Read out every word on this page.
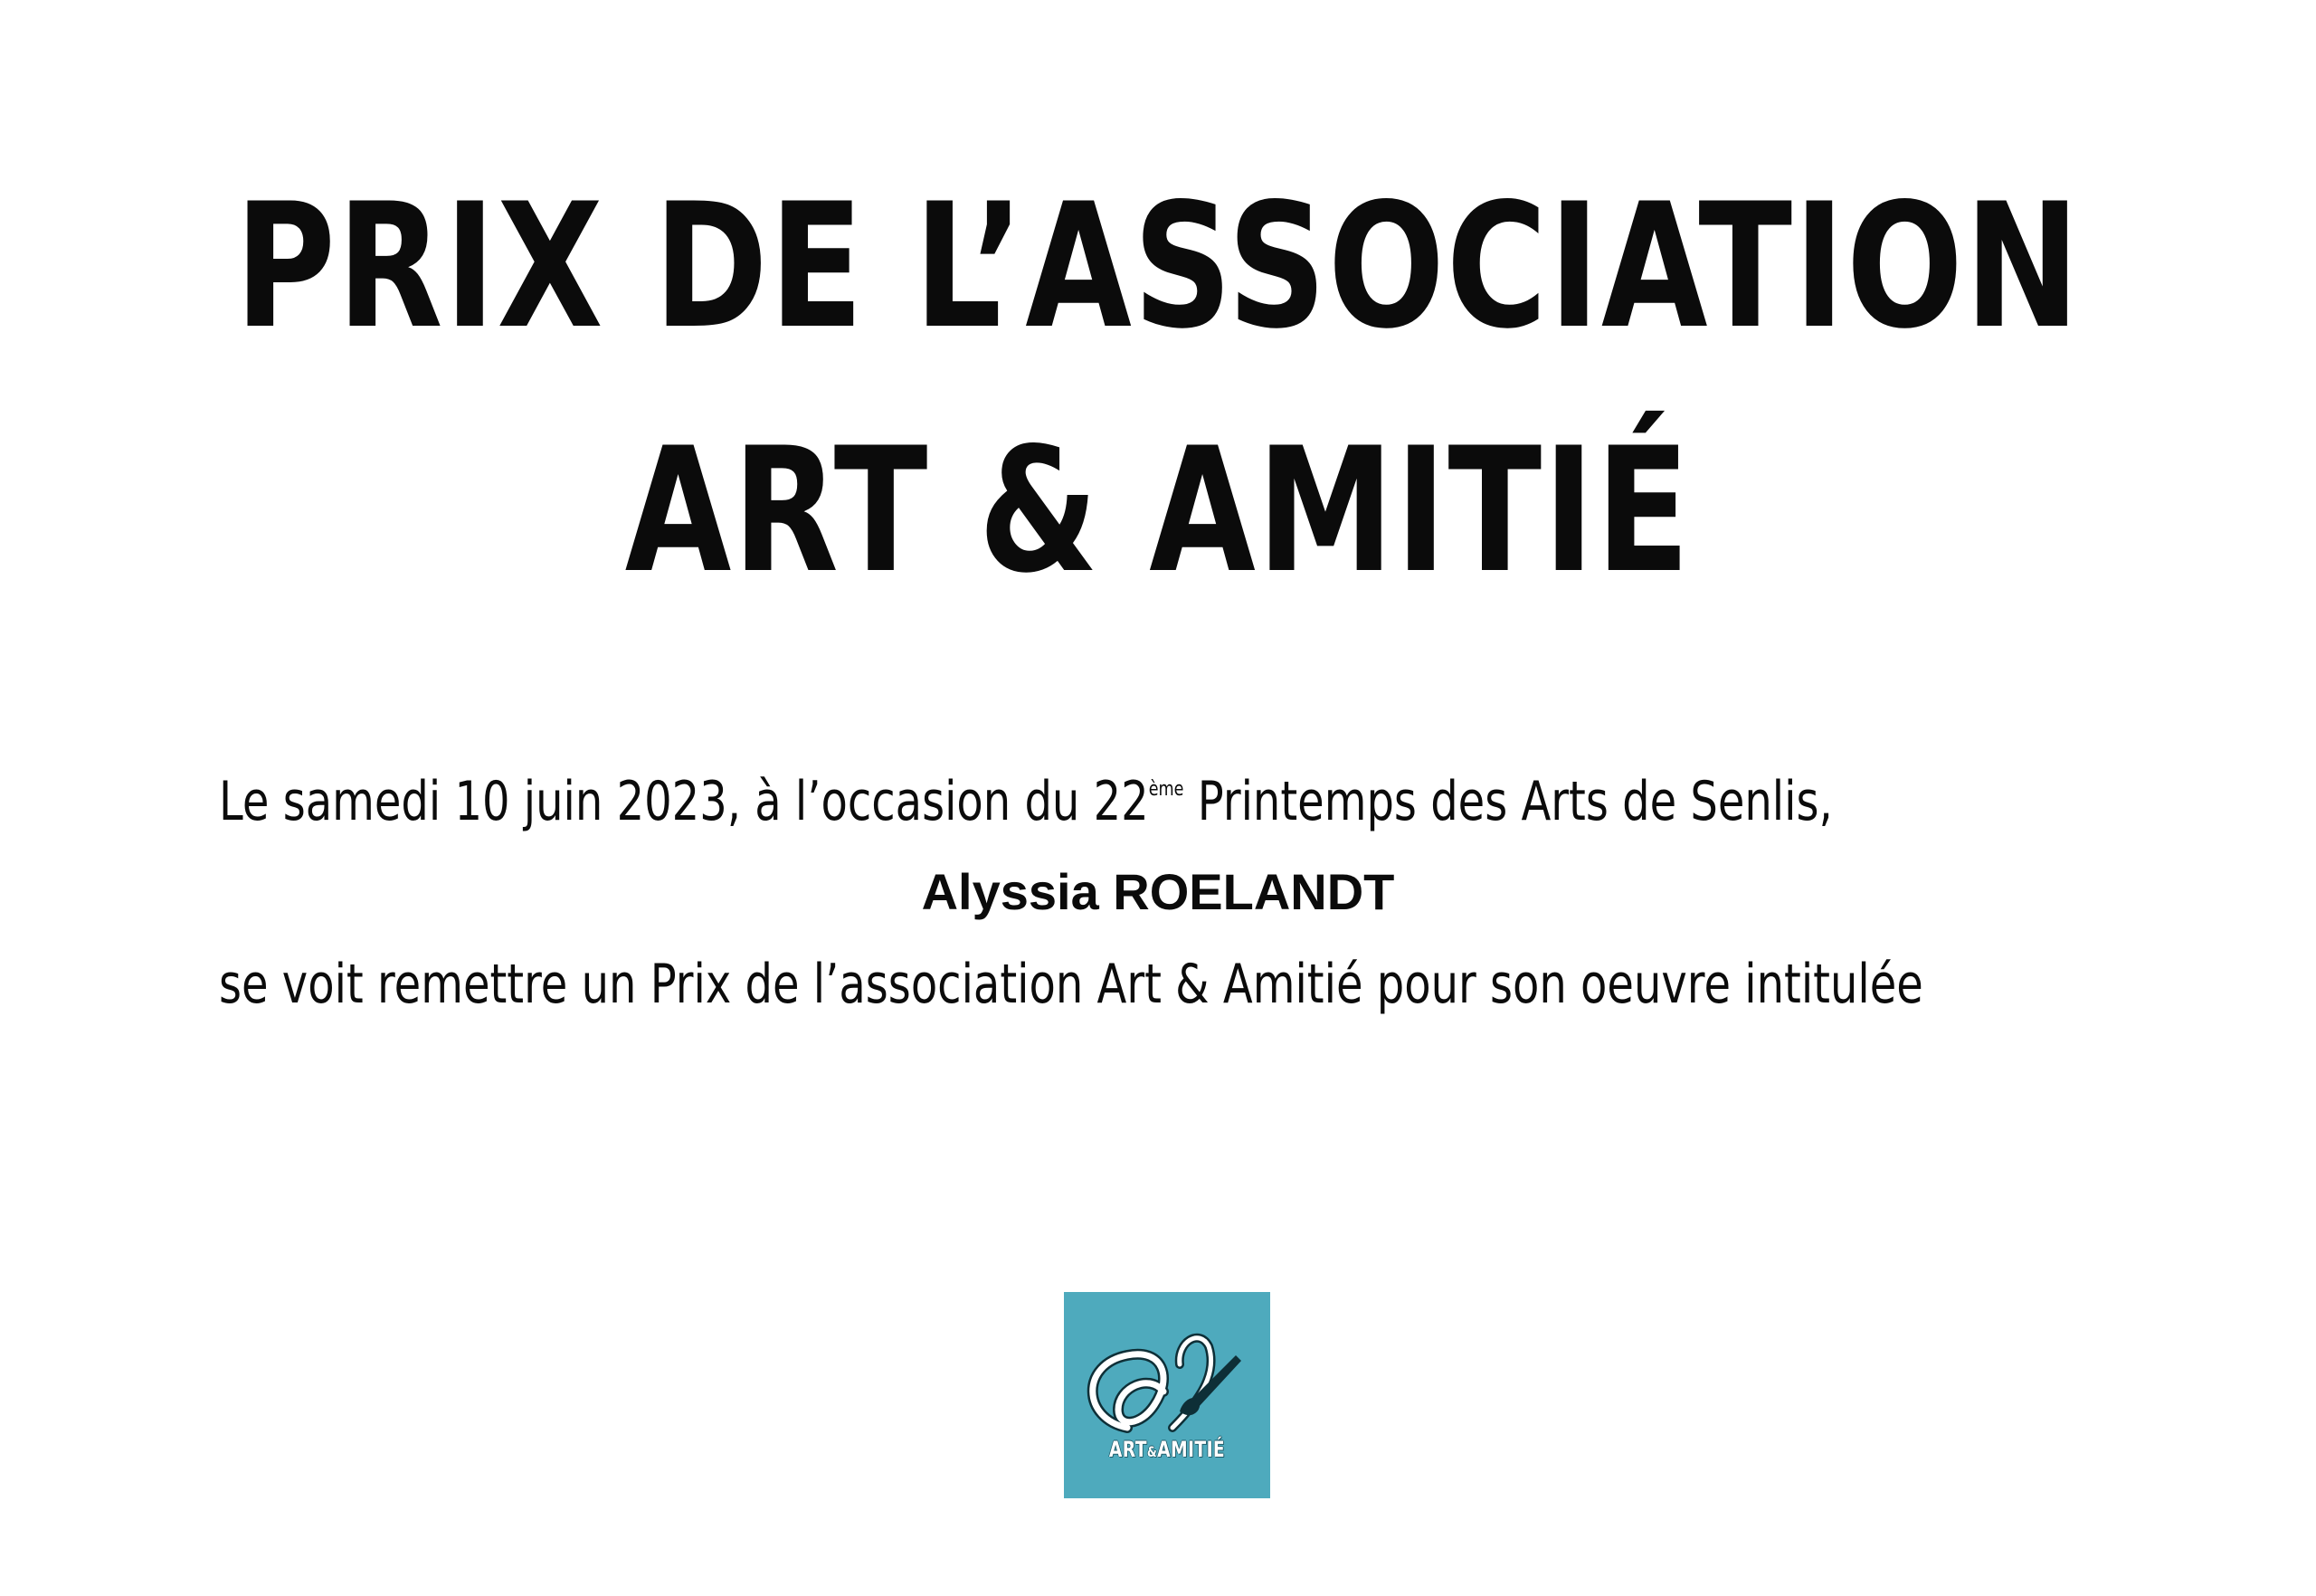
PRIX DE L’ASSOCIATION
ART & AMITIÉ

Le samedi 10 juin 2023, à l’occasion du 22ème Printemps des Arts de Senlis,

Alyssia ROELANDT

se voit remettre un Prix de l’association Art & Amitié pour son oeuvre intitulée

ART&AMITIÉ
